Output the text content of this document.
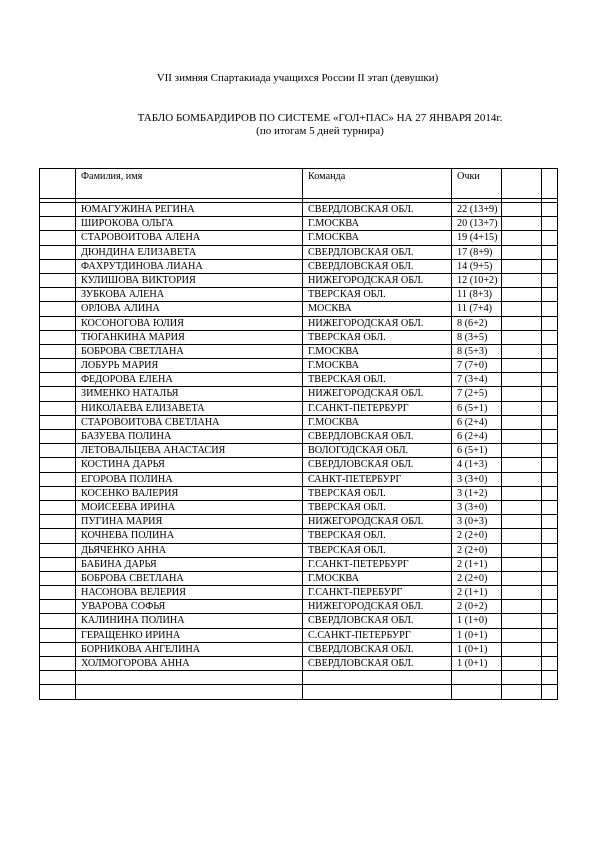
VII зимняя Спартакиада учащихся России II этап (девушки)
ТАБЛО БОМБАРДИРОВ ПО СИСТЕМЕ «ГОЛ+ПАС» НА 27 ЯНВАРЯ 2014г.
(по итогам 5 дней турнира)
	Фамилия, имя	Команда	Очки		

	ЮМАГУЖИНА РЕГИНА	СВЕРДЛОВСКАЯ ОБЛ.	22 (13+9)		
	ШИРОКОВА ОЛЬГА	Г.МОСКВА	20 (13+7)		
	СТАРОВОИТОВА АЛЕНА	Г.МОСКВА	19 (4+15)		
	ДЮНДИНА ЕЛИЗАВЕТА	СВЕРДЛОВСКАЯ ОБЛ.	17 (8+9)		
	ФАХРУТДИНОВА ЛИАНА	СВЕРДЛОВСКАЯ ОБЛ.	14 (9+5)		
	КУЛИШОВА ВИКТОРИЯ	НИЖЕГОРОДСКАЯ ОБЛ.	12 (10+2)		
	ЗУБКОВА АЛЕНА	ТВЕРСКАЯ ОБЛ.	11 (8+3)		
	ОРЛОВА АЛИНА	МОСКВА	11 (7+4)		
	КОСОНОГОВА ЮЛИЯ	НИЖЕГОРОДСКАЯ ОБЛ.	8 (6+2)		
	ТЮГАНКИНА МАРИЯ	ТВЕРСКАЯ ОБЛ.	8 (3+5)		
	БОБРОВА СВЕТЛАНА	Г.МОСКВА	8 (5+3)		
	ЛОБУРЬ МАРИЯ	Г.МОСКВА	7 (7+0)		
	ФЕДОРОВА ЕЛЕНА	ТВЕРСКАЯ ОБЛ.	7 (3+4)		
	ЗИМЕНКО НАТАЛЬЯ	НИЖЕГОРОДСКАЯ ОБЛ.	7 (2+5)		
	НИКОЛАЕВА ЕЛИЗАВЕТА	Г.САНКТ-ПЕТЕРБУРГ	6 (5+1)		
	СТАРОВОИТОВА СВЕТЛАНА	Г.МОСКВА	6 (2+4)		
	БАЗУЕВА ПОЛИНА	СВЕРДЛОВСКАЯ ОБЛ.	6 (2+4)		
	ЛЕТОВАЛЬЦЕВА АНАСТАСИЯ	ВОЛОГОДСКАЯ ОБЛ.	6 (5+1)		
	КОСТИНА ДАРЬЯ	СВЕРДЛОВСКАЯ ОБЛ.	4 (1+3)		
	ЕГОРОВА ПОЛИНА	САНКТ-ПЕТЕРБУРГ	3 (3+0)		
	КОСЕНКО ВАЛЕРИЯ	ТВЕРСКАЯ ОБЛ.	3 (1+2)		
	МОИСЕЕВА ИРИНА	ТВЕРСКАЯ ОБЛ.	3 (3+0)		
	ПУГИНА МАРИЯ	НИЖЕГОРОДСКАЯ ОБЛ.	3 (0+3)		
	КОЧНЕВА ПОЛИНА	ТВЕРСКАЯ ОБЛ.	2 (2+0)		
	ДЬЯЧЕНКО АННА	ТВЕРСКАЯ ОБЛ.	2 (2+0)		
	БАБИНА ДАРЬЯ	Г.САНКТ-ПЕТЕРБУРГ	2 (1+1)		
	БОБРОВА СВЕТЛАНА	Г.МОСКВА	2 (2+0)		
	НАСОНОВА ВЕЛЕРИЯ	Г.САНКТ-ПЕРЕБУРГ	2 (1+1)		
	УВАРОВА СОФЬЯ	НИЖЕГОРОДСКАЯ ОБЛ.	2 (0+2)		
	КАЛИНИНА ПОЛИНА	СВЕРДЛОВСКАЯ ОБЛ.	1 (1+0)		
	ГЕРАЩЕНКО ИРИНА	С.САНКТ-ПЕТЕРБУРГ	1 (0+1)		
	БОРНИКОВА АНГЕЛИНА	СВЕРДЛОВСКАЯ ОБЛ.	1 (0+1)		
	ХОЛМОГОРОВА АННА	СВЕРДЛОВСКАЯ ОБЛ.	1 (0+1)		
